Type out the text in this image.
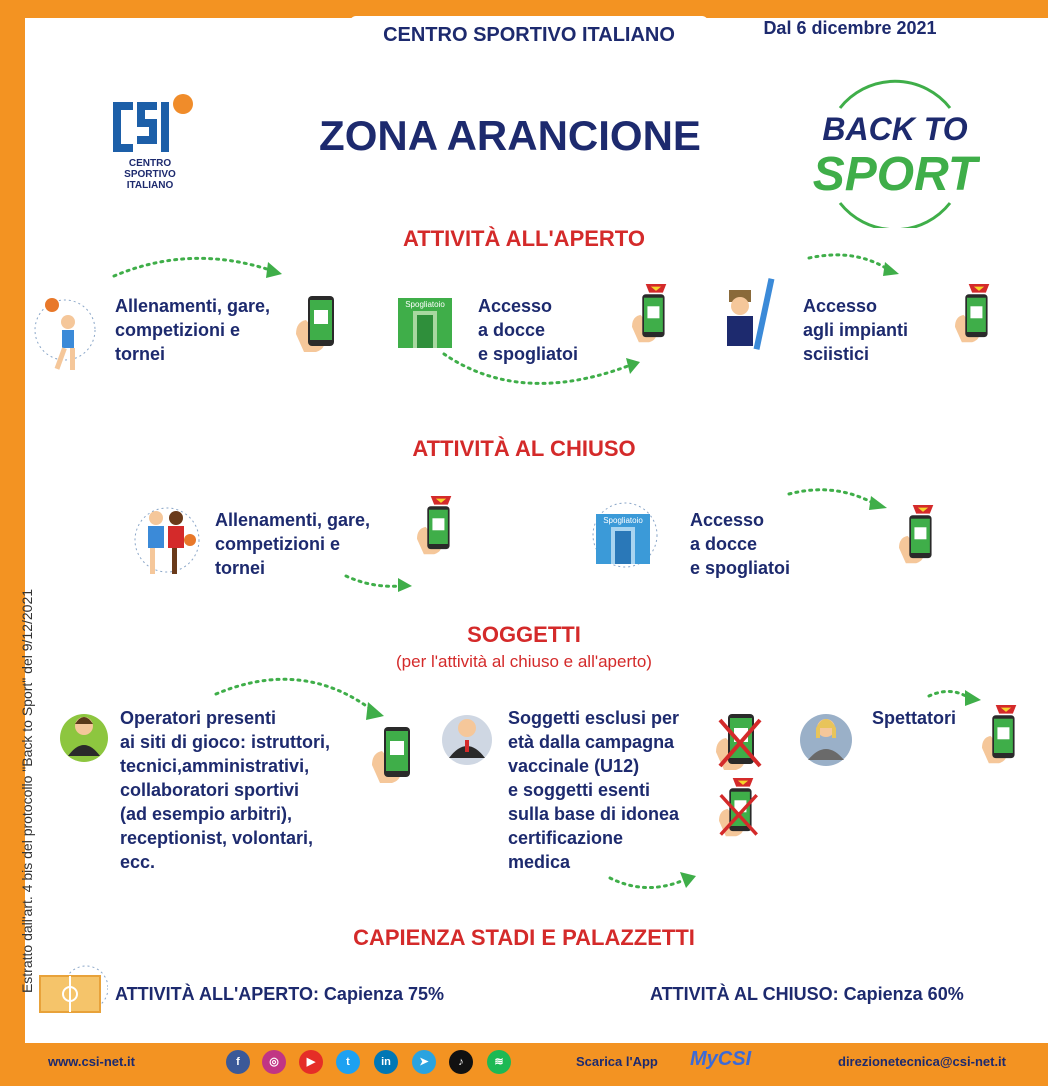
CENTRO SPORTIVO ITALIANO	Dal 6 dicembre 2021
Estratto dall'art. 4 bis del protocollo "Back to Sport" del 9/12/2021
CENTRO
SPORTIVO
ITALIANO
ZONA ARANCIONE	BACK TO
SPORT
ATTIVITÀ ALL'APERTO
Allenamenti, gare,
competizioni e
tornei
Spogliatoio Accesso
a docce
e spogliatoi
Accesso
agli impianti
sciistici
ATTIVITÀ AL CHIUSO
Allenamenti, gare,
competizioni e
tornei
Spogliatoio	Accesso
a docce
e spogliatoi
SOGGETTI
(per l'attività al chiuso e all'aperto)
Operatori presenti
ai siti di gioco: istruttori,
tecnici,amministrativi,
collaboratori sportivi
(ad esempio arbitri),
receptionist, volontari,
ecc.
Soggetti esclusi per
età dalla campagna
vaccinale (U12)
e soggetti esenti
sulla base di idonea
certificazione
medica
Spettatori
CAPIENZA STADI E PALAZZETTI
ATTIVITÀ ALL'APERTO: Capienza 75%	ATTIVITÀ AL CHIUSO: Capienza 60%
www.csi-net.it	f	◎	▶	t	in	➤	♪	≋	Scarica l'App MyCSI	direzionetecnica@csi-net.it
